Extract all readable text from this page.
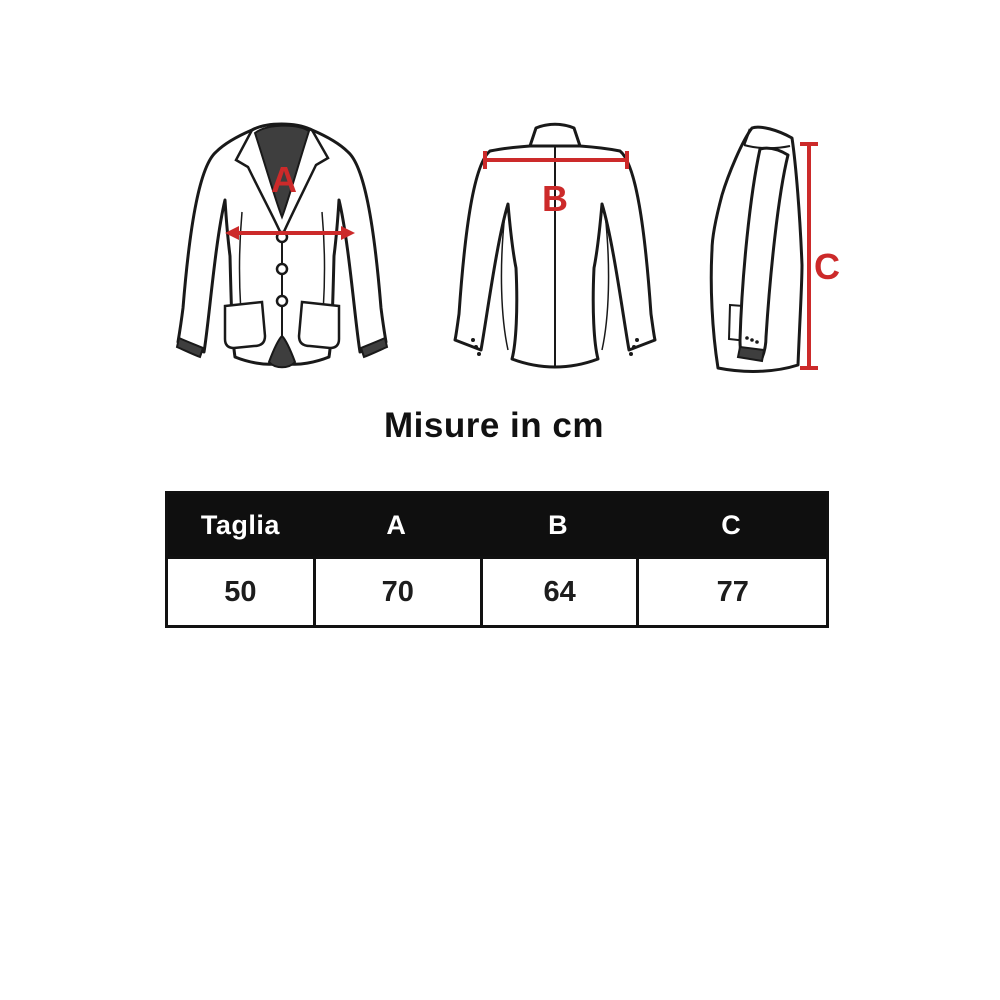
A	B
C
Misure in cm
Taglia	A	B	C
50	70	64	77
